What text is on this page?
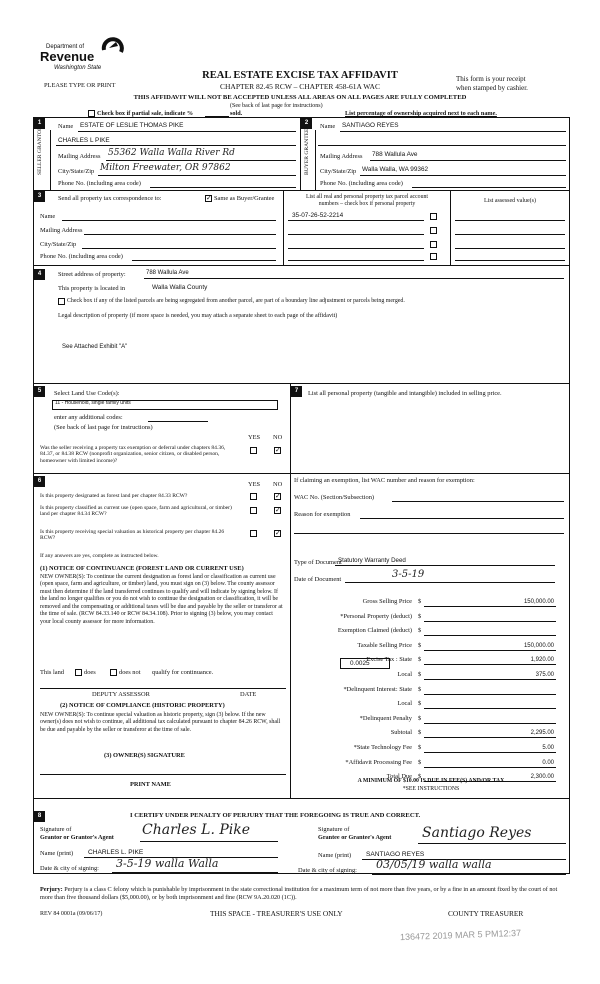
Department of
Revenue
Washington State
PLEASE TYPE OR PRINT
REAL ESTATE EXCISE TAX AFFIDAVIT
CHAPTER 82.45 RCW – CHAPTER 458-61A WAC
This form is your receipt
when stamped by cashier.
THIS AFFIDAVIT WILL NOT BE ACCEPTED UNLESS ALL AREAS ON ALL PAGES ARE FULLY COMPLETED
(See back of last page for instructions)
Check box if partial sale, indicate %	sold.	List percentage of ownership acquired next to each name.
1
SELLER GRANTOR Name ESTATE OF LESLIE THOMAS PIKE
CHARLES L PIKE
Mailing Address 55362 Walla Walla River Rd
City/State/Zip Milton Freewater, OR 97862
Phone No. (including area code)
2
BUYER GRANTEE
Name SANTIAGO REYES
Mailing Address 788 Wallula Ave
City/State/Zip Walla Walla, WA 99362
Phone No. (including area code)
3	Send all property tax correspondence to:	✓ Same as Buyer/Grantee
Name
Mailing Address
City/State/Zip
Phone No. (including area code)
List all real and personal property tax parcel account
numbers – check box if personal property	List assessed value(s)
35-07-26-52-2214
4	Street address of property:	788 Wallula Ave
This property is located in	Walla Walla County
Check box if any of the listed parcels are being segregated from another parcel, are part of a boundary line adjustment or parcels being merged.
Legal description of property (if more space is needed, you may attach a separate sheet to each page of the affidavit)
See Attached Exhibit "A"
5	Select Land Use Code(s):
11 - Household, single family units
enter any additional codes:
(See back of last page for instructions)
YES NO
Was the seller receiving a property tax exemption or deferral under chapters 84.36, 84.37, or 84.38 RCW (nonprofit organization, senior citizen, or disabled person, homeowner with limited income)?
✓
6	YES NO
Is this property designated as forest land per chapter 84.33 RCW?	✓
Is this property classified as current use (open space, farm and agricultural, or timber) land per chapter 84.34 RCW?
✓
Is this property receiving special valuation as historical property per chapter 84.26 RCW?
✓
If any answers are yes, complete as instructed below.
(1) NOTICE OF CONTINUANCE (FOREST LAND OR CURRENT USE)
NEW OWNER(S): To continue the current designation as forest land or classification as current use (open space, farm and agriculture, or timber) land, you must sign on (3) below. The county assessor must then determine if the land transferred continues to qualify and will indicate by signing below. If the land no longer qualifies or you do not wish to continue the designation or classification, it will be removed and the compensating or additional taxes will be due and payable by the seller or transferor at the time of sale. (RCW 84.33.140 or RCW 84.34.108). Prior to signing (3) below, you may contact your local county assessor for more information.
This land	does	does not qualify for continuance.
DEPUTY ASSESSOR	DATE
(2) NOTICE OF COMPLIANCE (HISTORIC PROPERTY)
NEW OWNER(S): To continue special valuation as historic property, sign (3) below. If the new owner(s) does not wish to continue, all additional tax calculated pursuant to chapter 84.26 RCW, shall be due and payable by the seller or transferor at the time of sale.
(3) OWNER(S) SIGNATURE
PRINT NAME
7	List all personal property (tangible and intangible) included in selling price.
If claiming an exemption, list WAC number and reason for exemption:
WAC No. (Section/Subsection)
Reason for exemption
Type of Document
Statutory Warranty Deed
Date of Document	3-5-19
Gross Selling Price $	150,000.00
*Personal Property (deduct) $
Exemption Claimed (deduct) $
Taxable Selling Price $	150,000.00
Excise Tax : State $	1,920.00
Local $	375.00
*Delinquent Interest: State $
Local $
*Delinquent Penalty $
Subtotal $	2,295.00
*State Technology Fee $	5.00
*Affidavit Processing Fee $	0.00
Total Due $	2,300.00
0.0025
A MINIMUM OF $10.00 IS DUE IN FEE(S) AND/OR TAX
*SEE INSTRUCTIONS
8	I CERTIFY UNDER PENALTY OF PERJURY THAT THE FOREGOING IS TRUE AND CORRECT.
Signature of
Grantor or Grantor's Agent Charles L. Pike
Name (print) CHARLES L. PIKE
Date & city of signing: 3-5-19 walla Walla
Signature of
Grantee or Grantee's Agent Santiago Reyes
Name (print) SANTIAGO REYES
Date & city of signing: 03/05/19 walla walla
Perjury: Perjury is a class C felony which is punishable by imprisonment in the state correctional institution for a maximum term of not more than five years, or by a fine in an amount fixed by the court of not more than five thousand dollars ($5,000.00), or by both imprisonment and fine (RCW 9A.20.020 (1C)).
REV 84 0001a (09/06/17)	THIS SPACE - TREASURER'S USE ONLY	COUNTY TREASURER
136472 2019 MAR 5 PM12:37
